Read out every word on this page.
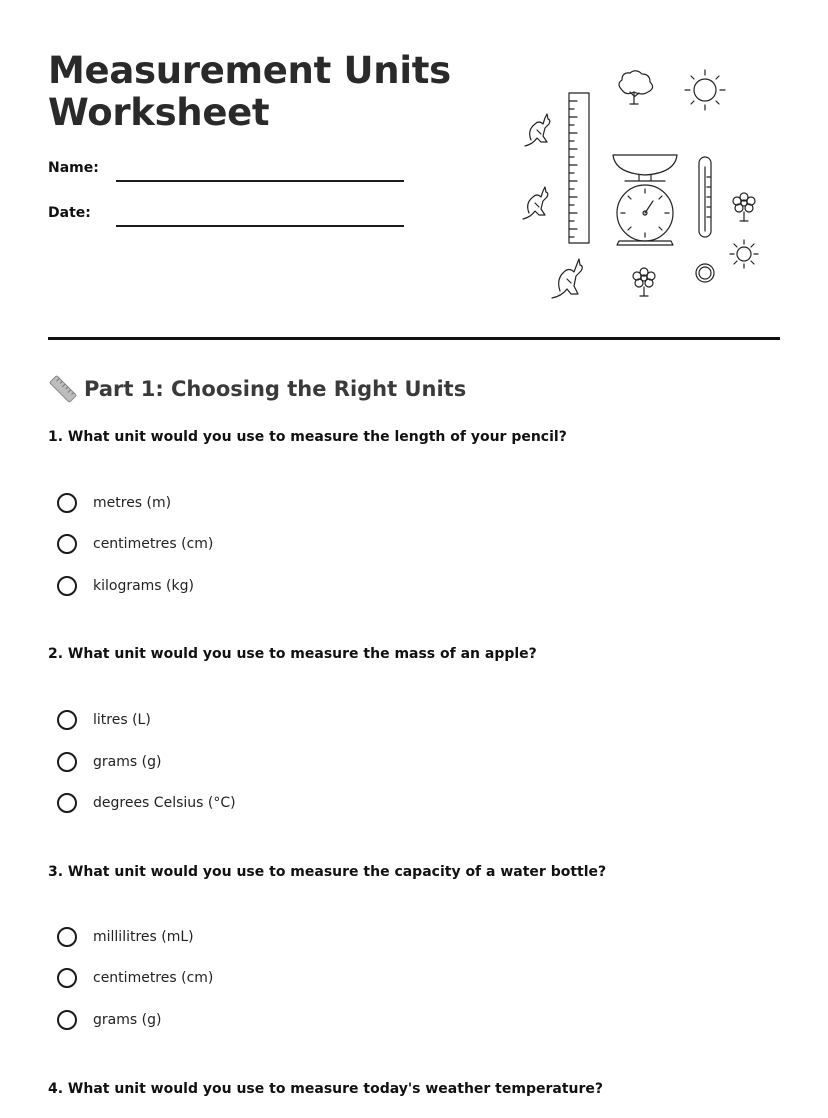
Measurement Units
Worksheet
Name:
Date:
Part 1: Choosing the Right Units

1. What unit would you use to measure the length of your pencil?

metres (m)
centimetres (cm)
kilograms (kg)

2. What unit would you use to measure the mass of an apple?

litres (L)
grams (g)
degrees Celsius (°C)

3. What unit would you use to measure the capacity of a water bottle?

millilitres (mL)
centimetres (cm)
grams (g)

4. What unit would you use to measure today's weather temperature?
